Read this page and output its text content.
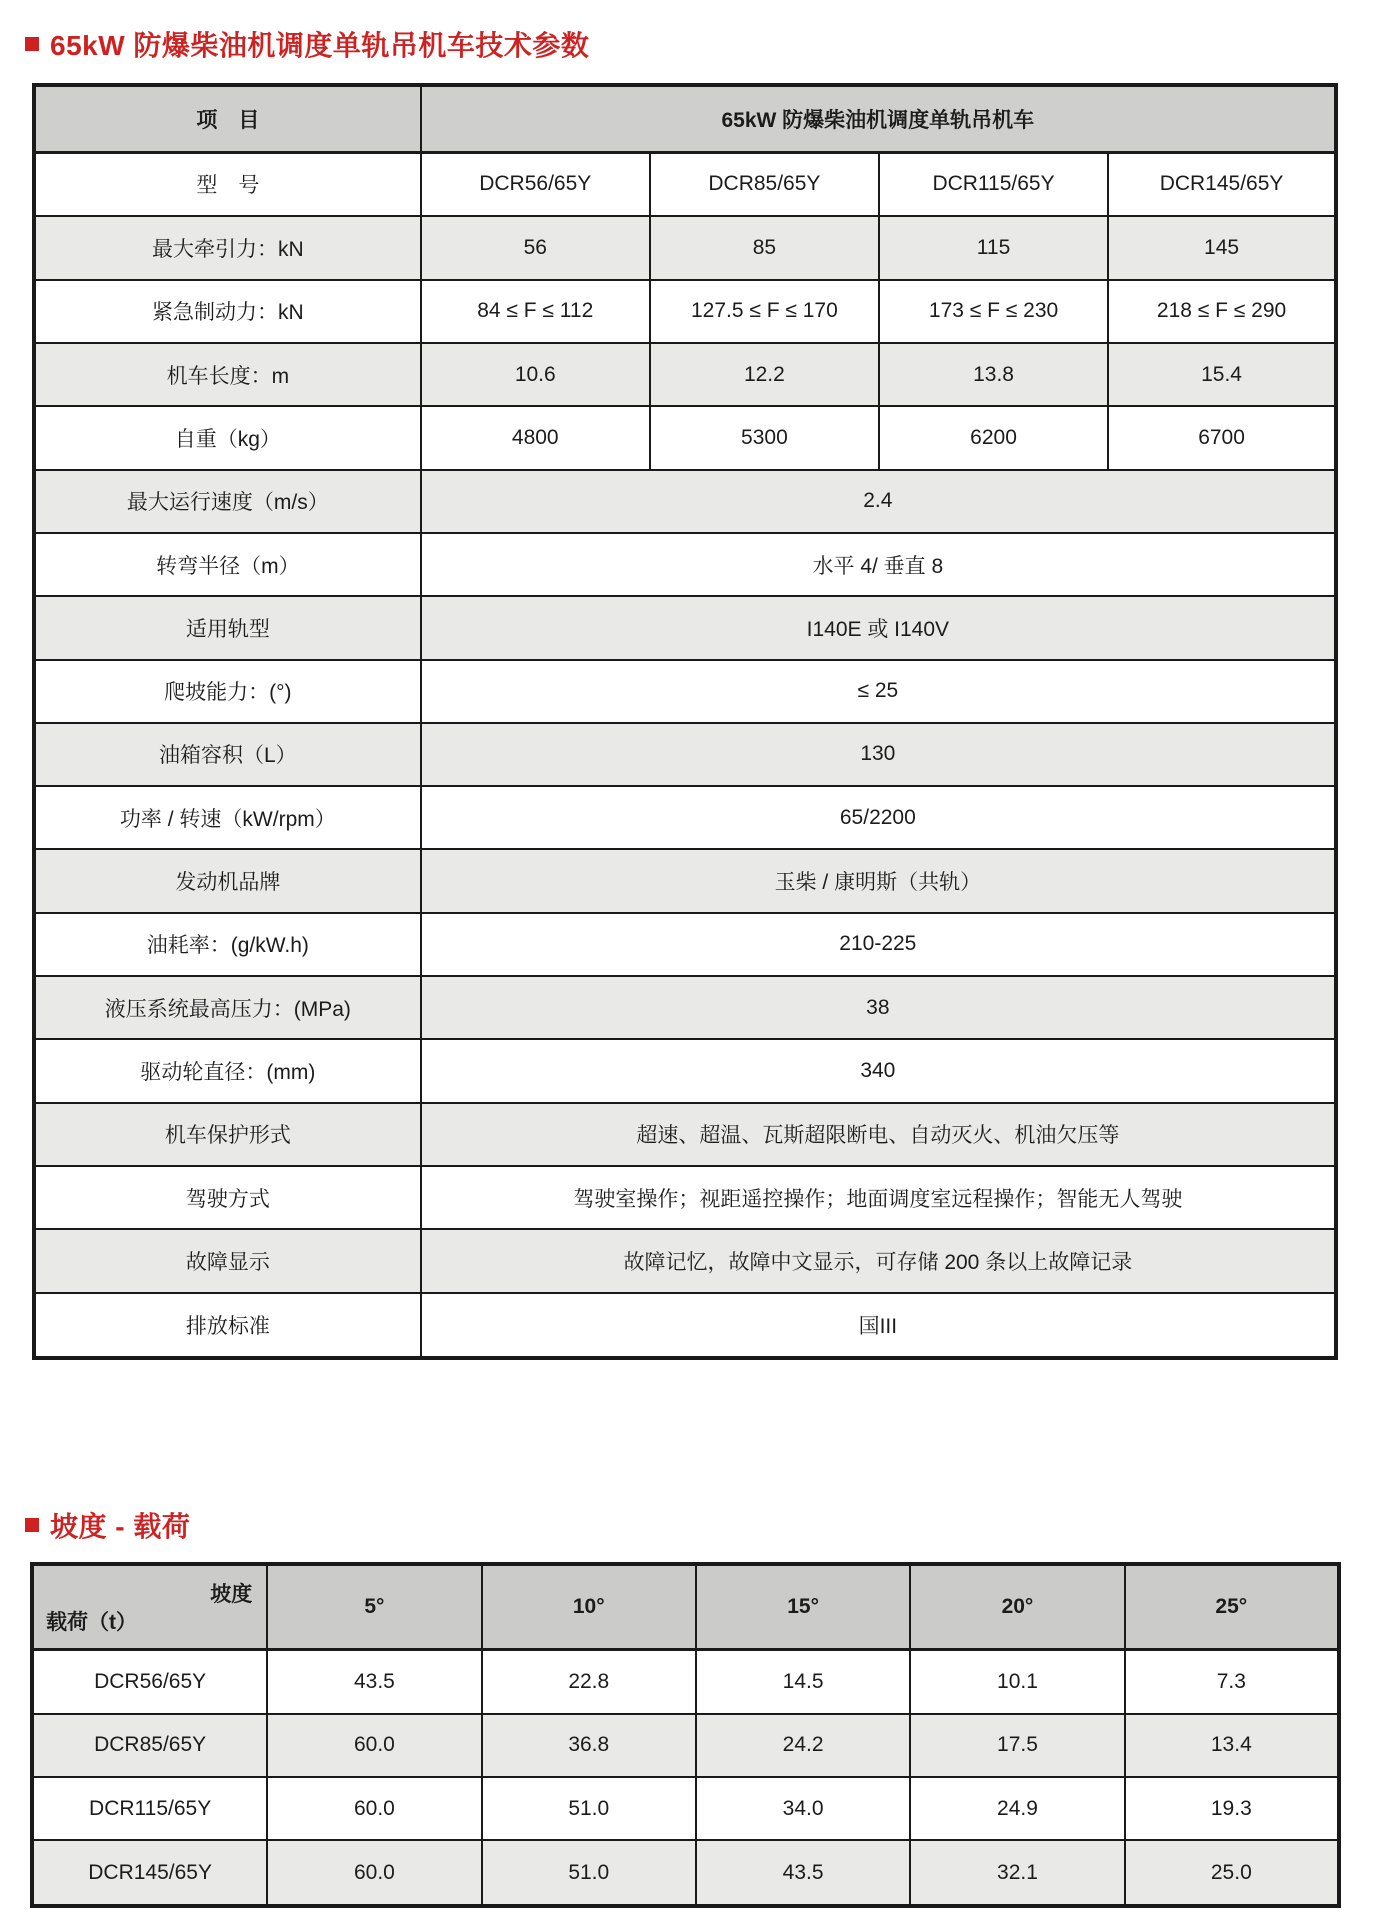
65kW 防爆柴油机调度单轨吊机车技术参数
项　目	65kW 防爆柴油机调度单轨吊机车			
型　号	DCR56/65Y	DCR85/65Y	DCR115/65Y	DCR145/65Y
最大牵引力：kN	56	85	115	145
紧急制动力：kN	84 ≤ F ≤ 112	127.5 ≤ F ≤ 170	173 ≤ F ≤ 230	218 ≤ F ≤ 290
机车长度：m	10.6	12.2	13.8	15.4
自重（kg）	4800	5300	6200	6700
最大运行速度（m/s）	2.4			
转弯半径（m）	水平 4/ 垂直 8			
适用轨型	I140E 或 I140V			
爬坡能力：(°)	≤ 25			
油箱容积（L）	130			
功率 / 转速（kW/rpm）	65/2200			
发动机品牌	玉柴 / 康明斯（共轨）			
油耗率：(g/kW.h)	210-225			
液压系统最高压力：(MPa)	38			
驱动轮直径：(mm)	340			
机车保护形式	超速、超温、瓦斯超限断电、自动灭火、机油欠压等			
驾驶方式	驾驶室操作；视距遥控操作；地面调度室远程操作；智能无人驾驶			
故障显示	故障记忆，故障中文显示，可存储 200 条以上故障记录			
排放标准	国III			
坡度 - 载荷
坡度
载荷（t）	5°	10°	15°	20°	25°
DCR56/65Y	43.5	22.8	14.5	10.1	7.3
DCR85/65Y	60.0	36.8	24.2	17.5	13.4
DCR115/65Y	60.0	51.0	34.0	24.9	19.3
DCR145/65Y	60.0	51.0	43.5	32.1	25.0
